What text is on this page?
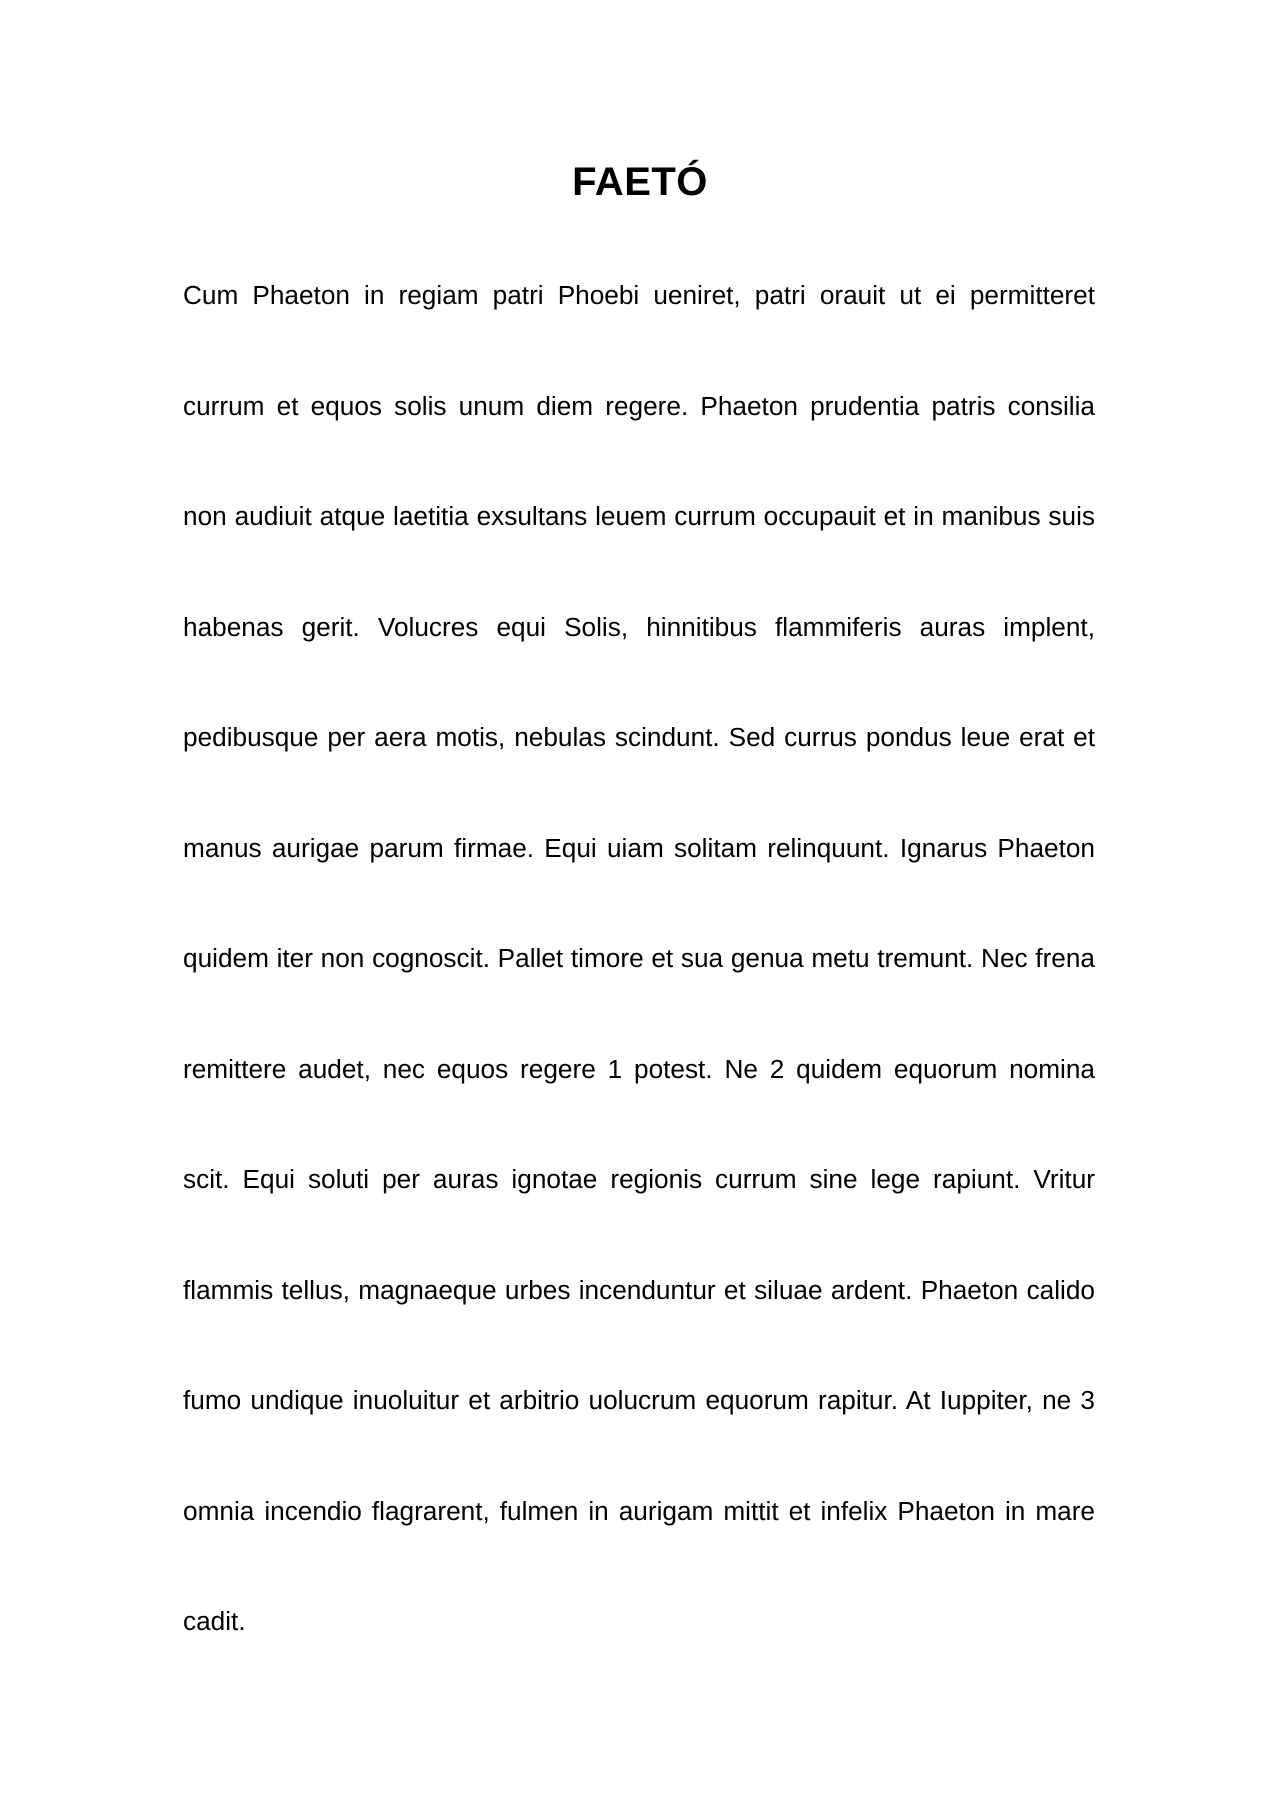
FAETÓ

Cum Phaeton in regiam patri Phoebi ueniret, patri orauit ut ei permitteret currum et equos solis unum diem regere. Phaeton prudentia patris consilia non audiuit atque laetitia exsultans leuem currum occupauit et in manibus suis habenas gerit. Volucres equi Solis, hinnitibus flammiferis auras implent, pedibusque per aera motis, nebulas scindunt. Sed currus pondus leue erat et manus aurigae parum firmae. Equi uiam solitam relinquunt. Ignarus Phaeton quidem iter non cognoscit. Pallet timore et sua genua metu tremunt. Nec frena remittere audet, nec equos regere 1 potest. Ne 2 quidem equorum nomina scit. Equi soluti per auras ignotae regionis currum sine lege rapiunt. Vritur flammis tellus, magnaeque urbes incenduntur et siluae ardent. Phaeton calido fumo undique inuoluitur et arbitrio uolucrum equorum rapitur. At Iuppiter, ne 3 omnia incendio flagrarent, fulmen in aurigam mittit et infelix Phaeton in mare cadit.
